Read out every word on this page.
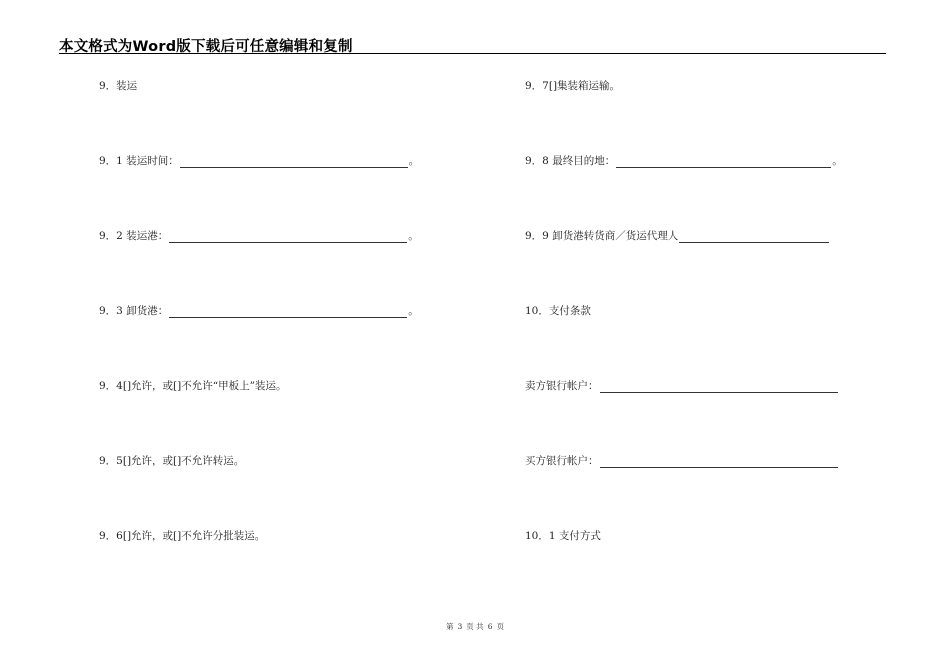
本文格式为Word版下载后可任意编辑和复制
9．装运
9．1 装运时间：	。
9．2 装运港：	。
9．3 卸货港：	。
9．4[]允许，或[]不允许“甲板上”装运。
9．5[]允许，或[]不允许转运。
9．6[]允许，或[]不允许分批装运。
9．7[]集装箱运输。
9．8 最终目的地：	。
9．9 卸货港转货商／货运代理人
10．支付条款
卖方银行帐户：
买方银行帐户：
10．1 支付方式
第 3 页 共 6 页
